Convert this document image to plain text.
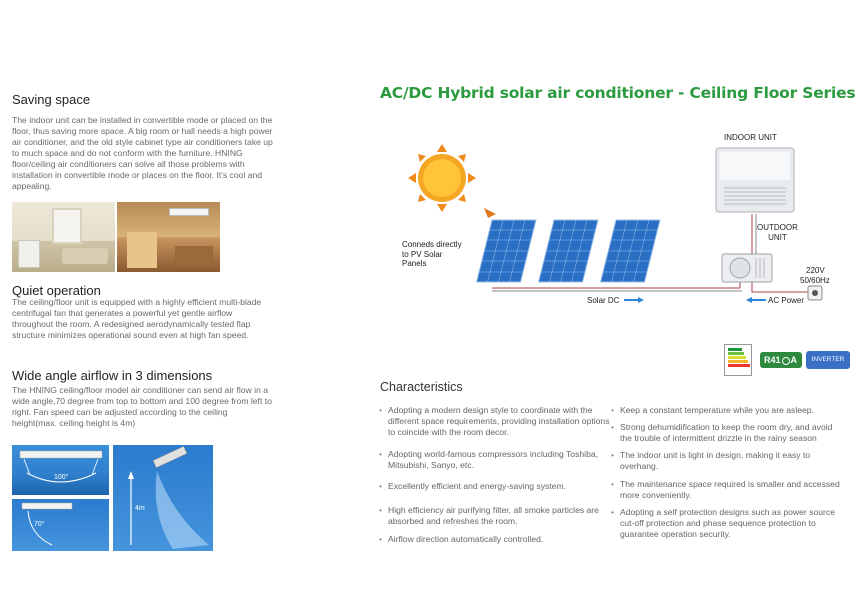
Saving space
The indoor unit can be installed in convertible mode or placed on the floor, thus saving more space. A big room or hall needs a high power air conditioner, and the old style cabinet type air conditioners take up to much space and do not conform with the furniture. HNING floor/ceiling air conditioners can solve all those problems with installation in convertible mode or places on the floor. It's cool and appealing.
Quiet operation
The ceiling/floor unit is equipped with a highly efficient multi-blade centrifugal fan that generates a powerful yet gentle airflow throughout the room. A redesigned aerodynamically tested flap structure minimizes operational sound even at high fan speed.
Wide angle airflow in 3 dimensions
The HNING ceiling/floor model air conditioner can send air flow in a wide angle,70 degree from top to bottom and 100 degree from left to right. Fan speed can be adjusted according to the ceiling height(max. ceiling height is 4m)
100°
70°
4m
AC/DC Hybrid solar air conditioner - Ceiling Floor Series
INDOOR UNIT
OUTDOOR
UNIT
Conneds directly
to PV Solar
Panels
Solar DC	AC Power
220V
50/60Hz
R41 A	INVERTER
Characteristics
• Adopting a modern design style to coordinate with the different space requirements, providing installation options to coincide with the room decor.
• Adopting world-famous compressors including Toshiba, Mitsubishi, Sanyo, etc.
• Excellently efficient and energy-saving system.
• High efficiency air purifying filter, all smoke particles are absorbed and refreshes the room.
• Airflow direction automatically controlled.
• Keep a constant temperature while you are asleep.
• Strong dehumidification to keep the room dry, and avoid the trouble of intermittent drizzle in the rainy season
• The indoor unit is light in design, making it easy to overhang.
• The maintenance space required is smaller and accessed more conveniently.
• Adopting a self protection designs such as power source cut-off protection and phase sequence protection to guarantee operation security.
